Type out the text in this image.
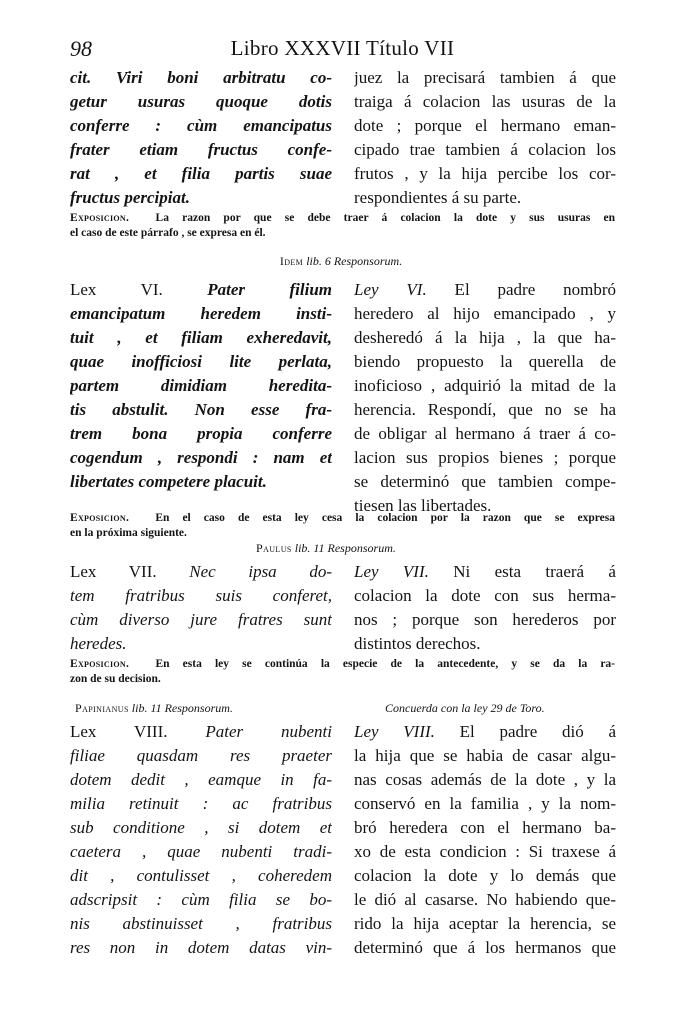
98	Libro XXXVII Título VII
cit. Viri boni arbitratu co-
getur usuras quoque dotis
conferre : cùm emancipatus
frater etiam fructus confe-
rat , et filia partis suae
fructus percipiat.
juez la precisará tambien á que
traiga á colacion las usuras de la
dote ; porque el hermano eman-
cipado trae tambien á colacion los
frutos , y la hija percibe los cor-
respondientes á su parte.
Exposicion. La razon por que se debe traer á colacion la dote y sus usuras en
el caso de este párrafo , se expresa en él.
Idem lib. 6 Responsorum.
Lex VI. Pater filium
emancipatum heredem insti-
tuit , et filiam exheredavit,
quae inofficiosi lite perlata,
partem dimidiam heredita-
tis abstulit. Non esse fra-
trem bona propia conferre
cogendum , respondi : nam et
libertates competere placuit.
Ley VI. El padre nombró
heredero al hijo emancipado , y
desheredó á la hija , la que ha-
biendo propuesto la querella de
inoficioso , adquirió la mitad de la
herencia. Respondí, que no se ha
de obligar al hermano á traer á co-
lacion sus propios bienes ; porque
se determinó que tambien compe-
tiesen las libertades.
Exposicion. En el caso de esta ley cesa la colacion por la razon que se expresa
en la próxima siguiente.
Paulus lib. 11 Responsorum.
Lex VII. Nec ipsa do-
tem fratribus suis conferet,
cùm diverso jure fratres sunt
heredes.
Ley VII. Ni esta traerá á
colacion la dote con sus herma-
nos ; porque son herederos por
distintos derechos.
Exposicion. En esta ley se continúa la especie de la antecedente, y se da la ra-
zon de su decision.
Papinianus lib. 11 Responsorum.	Concuerda con la ley 29 de Toro.
Lex VIII. Pater nubenti
filiae quasdam res praeter
dotem dedit , eamque in fa-
milia retinuit : ac fratribus
sub conditione , si dotem et
caetera , quae nubenti tradi-
dit , contulisset , coheredem
adscripsit : cùm filia se bo-
nis abstinuisset , fratribus
res non in dotem datas vin-
Ley VIII. El padre dió á
la hija que se habia de casar algu-
nas cosas además de la dote , y la
conservó en la familia , y la nom-
bró heredera con el hermano ba-
xo de esta condicion : Si traxese á
colacion la dote y lo demás que
le dió al casarse. No habiendo que-
rido la hija aceptar la herencia, se
determinó que á los hermanos que
